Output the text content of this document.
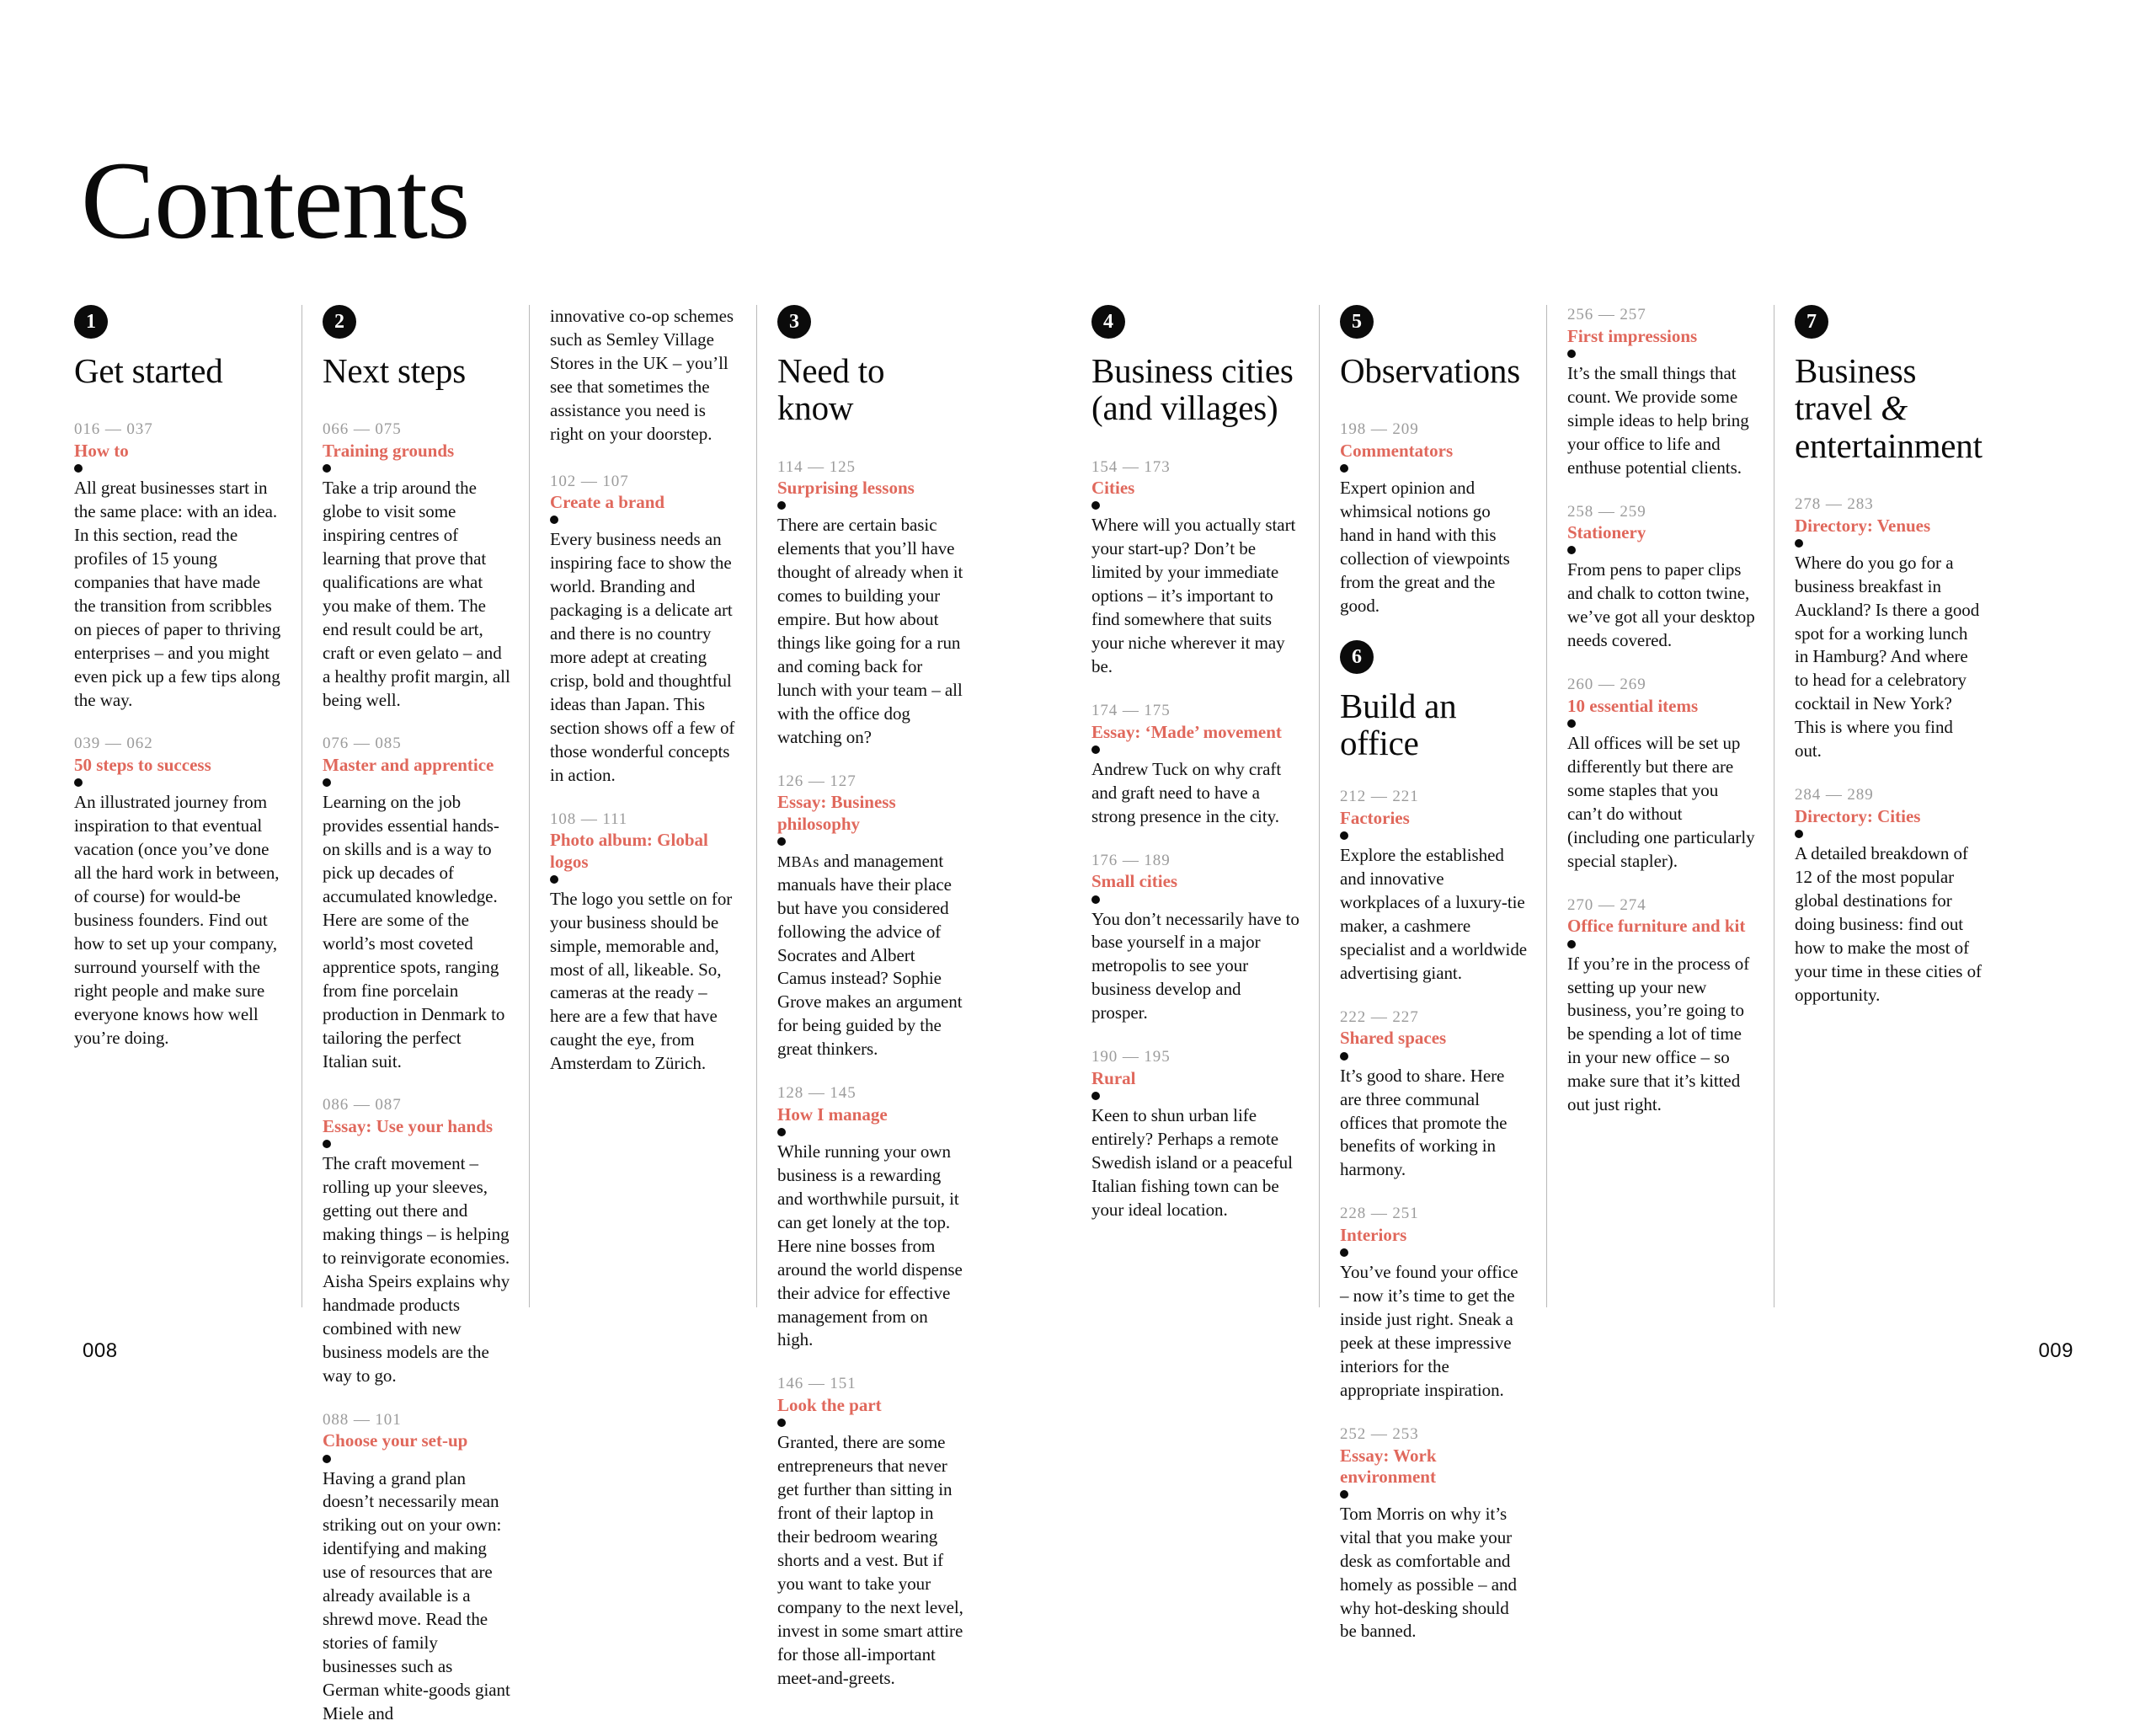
Contents
1
Get started
016 — 037
How to
All great businesses start in the same place: with an idea. In this section, read the profiles of 15 young companies that have made the transition from scribbles on pieces of paper to thriving enterprises – and you might even pick up a few tips along the way.
039 — 062
50 steps to success
An illustrated journey from inspiration to that eventual vacation (once you’ve done all the hard work in between, of course) for would-be business founders. Find out how to set up your company, surround yourself with the right people and make sure everyone knows how well you’re doing.
2
Next steps
066 — 075
Training grounds
Take a trip around the globe to visit some inspiring centres of learning that prove that qualifications are what you make of them. The end result could be art, craft or even gelato – and a healthy profit margin, all being well.
076 — 085
Master and apprentice
Learning on the job provides essential hands-on skills and is a way to pick up decades of accumulated knowledge. Here are some of the world’s most coveted apprentice spots, ranging from fine porcelain production in Denmark to tailoring the perfect Italian suit.
086 — 087
Essay: Use your hands
The craft movement – rolling up your sleeves, getting out there and making things – is helping to reinvigorate economies. Aisha Speirs explains why handmade products combined with new business models are the way to go.
088 — 101
Choose your set-up
Having a grand plan doesn’t necessarily mean striking out on your own: identifying and making use of resources that are already available is a shrewd move. Read the stories of family businesses such as German white-goods giant Miele and
innovative co-op schemes such as Semley Village Stores in the UK – you’ll see that sometimes the assistance you need is right on your doorstep.
102 — 107
Create a brand
Every business needs an inspiring face to show the world. Branding and packaging is a delicate art and there is no country more adept at creating crisp, bold and thoughtful ideas than Japan. This section shows off a few of those wonderful concepts in action.
108 — 111
Photo album: Global logos
The logo you settle on for your business should be simple, memorable and, most of all, likeable. So, cameras at the ready – here are a few that have caught the eye, from Amsterdam to Zürich.
3
Need to know
114 — 125
Surprising lessons
There are certain basic elements that you’ll have thought of already when it comes to building your empire. But how about things like going for a run and coming back for lunch with your team – all with the office dog watching on?
126 — 127
Essay: Business philosophy
MBAs and management manuals have their place but have you considered following the advice of Socrates and Albert Camus instead? Sophie Grove makes an argument for being guided by the great thinkers.
128 — 145
How I manage
While running your own business is a rewarding and worthwhile pursuit, it can get lonely at the top. Here nine bosses from around the world dispense their advice for effective management from on high.
146 — 151
Look the part
Granted, there are some entrepreneurs that never get further than sitting in front of their laptop in their bedroom wearing shorts and a vest. But if you want to take your company to the next level, invest in some smart attire for those all-important meet-and-greets.
4
Business cities (and villages)
154 — 173
Cities
Where will you actually start your start-up? Don’t be limited by your immediate options – it’s important to find somewhere that suits your niche wherever it may be.
174 — 175
Essay: ‘Made’ movement
Andrew Tuck on why craft and graft need to have a strong presence in the city.
176 — 189
Small cities
You don’t necessarily have to base yourself in a major metropolis to see your business develop and prosper.
190 — 195
Rural
Keen to shun urban life entirely? Perhaps a remote Swedish island or a peaceful Italian fishing town can be your ideal location.
5
Observations
198 — 209
Commentators
Expert opinion and whimsical notions go hand in hand with this collection of viewpoints from the great and the good.
6
Build an office
212 — 221
Factories
Explore the established and innovative workplaces of a luxury-tie maker, a cashmere specialist and a worldwide advertising giant.
222 — 227
Shared spaces
It’s good to share. Here are three communal offices that promote the benefits of working in harmony.
228 — 251
Interiors
You’ve found your office – now it’s time to get the inside just right. Sneak a peek at these impressive interiors for the appropriate inspiration.
252 — 253
Essay: Work environment
Tom Morris on why it’s vital that you make your desk as comfortable and homely as possible – and why hot-desking should be banned.
256 — 257
First impressions
It’s the small things that count. We provide some simple ideas to help bring your office to life and enthuse potential clients.
258 — 259
Stationery
From pens to paper clips and chalk to cotton twine, we’ve got all your desktop needs covered.
260 — 269
10 essential items
All offices will be set up differently but there are some staples that you can’t do without (including one particularly special stapler).
270 — 274
Office furniture and kit
If you’re in the process of setting up your new business, you’re going to be spending a lot of time in your new office – so make sure that it’s kitted out just right.
7
Business
travel &
entertainment
278 — 283
Directory: Venues
Where do you go for a business breakfast in Auckland? Is there a good spot for a working lunch in Hamburg? And where to head for a celebratory cocktail in New York? This is where you find out.
284 — 289
Directory: Cities
A detailed breakdown of 12 of the most popular global destinations for doing business: find out how to make the most of your time in these cities of opportunity.
008	009
